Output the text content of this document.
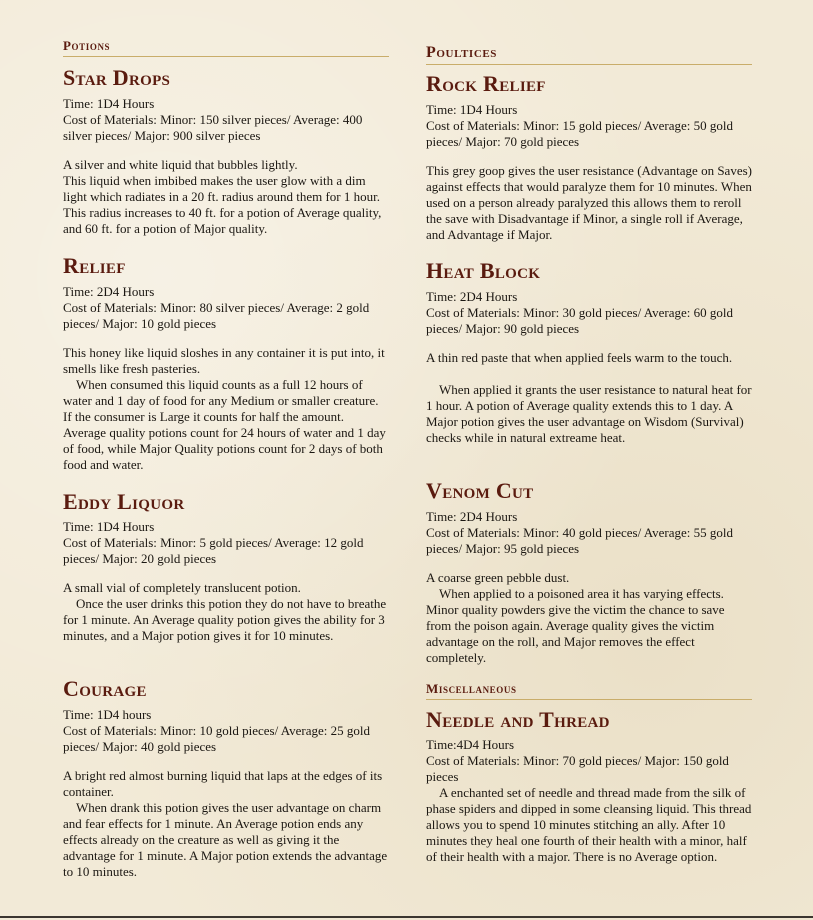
Potions
Star Drops
Time: 1D4 Hours
Cost of Materials: Minor: 150 silver pieces/ Average: 400 silver pieces/ Major: 900 silver pieces
A silver and white liquid that bubbles lightly.
This liquid when imbibed makes the user glow with a dim light which radiates in a 20 ft. radius around them for 1 hour. This radius increases to 40 ft. for a potion of Average quality, and 60 ft. for a potion of Major quality.
Relief
Time: 2D4 Hours
Cost of Materials: Minor: 80 silver pieces/ Average: 2 gold pieces/ Major: 10 gold pieces
This honey like liquid sloshes in any container it is put into, it smells like fresh pasteries.
When consumed this liquid counts as a full 12 hours of water and 1 day of food for any Medium or smaller creature. If the consumer is Large it counts for half the amount. Average quality potions count for 24 hours of water and 1 day of food, while Major Quality potions count for 2 days of both food and water.
Eddy Liquor
Time: 1D4 Hours
Cost of Materials: Minor: 5 gold pieces/ Average: 12 gold pieces/ Major: 20 gold pieces
A small vial of completely translucent potion.
Once the user drinks this potion they do not have to breathe for 1 minute. An Average quality potion gives the ability for 3 minutes, and a Major potion gives it for 10 minutes.
Courage
Time: 1D4 hours
Cost of Materials: Minor: 10 gold pieces/ Average: 25 gold pieces/ Major: 40 gold pieces
A bright red almost burning liquid that laps at the edges of its container.
When drank this potion gives the user advantage on charm and fear effects for 1 minute. An Average potion ends any effects already on the creature as well as giving it the advantage for 1 minute. A Major potion extends the advantage to 10 minutes.
Poultices
Rock Relief
Time: 1D4 Hours
Cost of Materials: Minor: 15 gold pieces/ Average: 50 gold pieces/ Major: 70 gold pieces
This grey goop gives the user resistance (Advantage on Saves) against effects that would paralyze them for 10 minutes. When used on a person already paralyzed this allows them to reroll the save with Disadvantage if Minor, a single roll if Average, and Advantage if Major.
Heat Block
Time: 2D4 Hours
Cost of Materials: Minor: 30 gold pieces/ Average: 60 gold pieces/ Major: 90 gold pieces
A thin red paste that when applied feels warm to the touch.
When applied it grants the user resistance to natural heat for 1 hour. A potion of Average quality extends this to 1 day. A Major potion gives the user advantage on Wisdom (Survival) checks while in natural extreame heat.
Venom Cut
Time: 2D4 Hours
Cost of Materials: Minor: 40 gold pieces/ Average: 55 gold pieces/ Major: 95 gold pieces
A coarse green pebble dust.
When applied to a poisoned area it has varying effects. Minor quality powders give the victim the chance to save from the poison again. Average quality gives the victim advantage on the roll, and Major removes the effect completely.
Miscellaneous
Needle and Thread
Time:4D4 Hours
Cost of Materials: Minor: 70 gold pieces/ Major: 150 gold pieces
A enchanted set of needle and thread made from the silk of phase spiders and dipped in some cleansing liquid. This thread allows you to spend 10 minutes stitching an ally. After 10 minutes they heal one fourth of their health with a minor, half of their health with a major. There is no Average option.
